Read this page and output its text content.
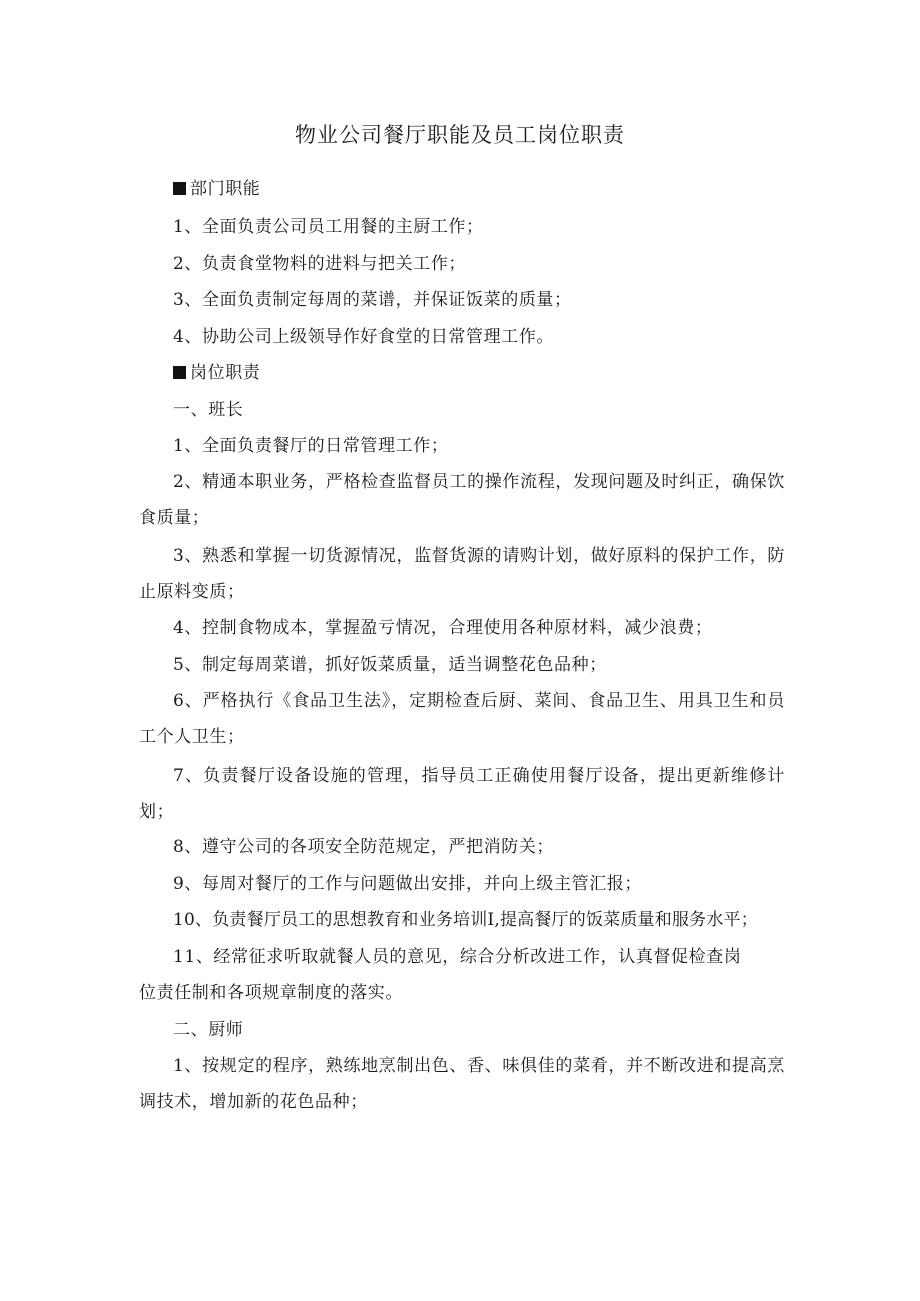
物业公司餐厅职能及员工岗位职责

部门职能

1、全面负责公司员工用餐的主厨工作；

2、负责食堂物料的进料与把关工作；

3、全面负责制定每周的菜谱，并保证饭菜的质量；

4、协助公司上级领导作好食堂的日常管理工作。

岗位职责

一、班长

1、全面负责餐厅的日常管理工作；

2、精通本职业务，严格检查监督员工的操作流程，发现问题及时纠正，确保饮食质量；

3、熟悉和掌握一切货源情况，监督货源的请购计划，做好原料的保护工作，防止原料变质；

4、控制食物成本，掌握盈亏情况，合理使用各种原材料，减少浪费；

5、制定每周菜谱，抓好饭菜质量，适当调整花色品种；

6、严格执行《食品卫生法》，定期检查后厨、菜间、食品卫生、用具卫生和员工个人卫生；

7、负责餐厅设备设施的管理，指导员工正确使用餐厅设备，提出更新维修计划；

8、遵守公司的各项安全防范规定，严把消防关；

9、每周对餐厅的工作与问题做出安排，并向上级主管汇报；

10、负责餐厅员工的思想教育和业务培训I,提高餐厅的饭菜质量和服务水平；

11、经常征求听取就餐人员的意见，综合分析改进工作，认真督促检查岗

位责任制和各项规章制度的落实。

二、厨师

1、按规定的程序，熟练地烹制出色、香、味俱佳的菜肴，并不断改进和提高烹调技术，增加新的花色品种；
